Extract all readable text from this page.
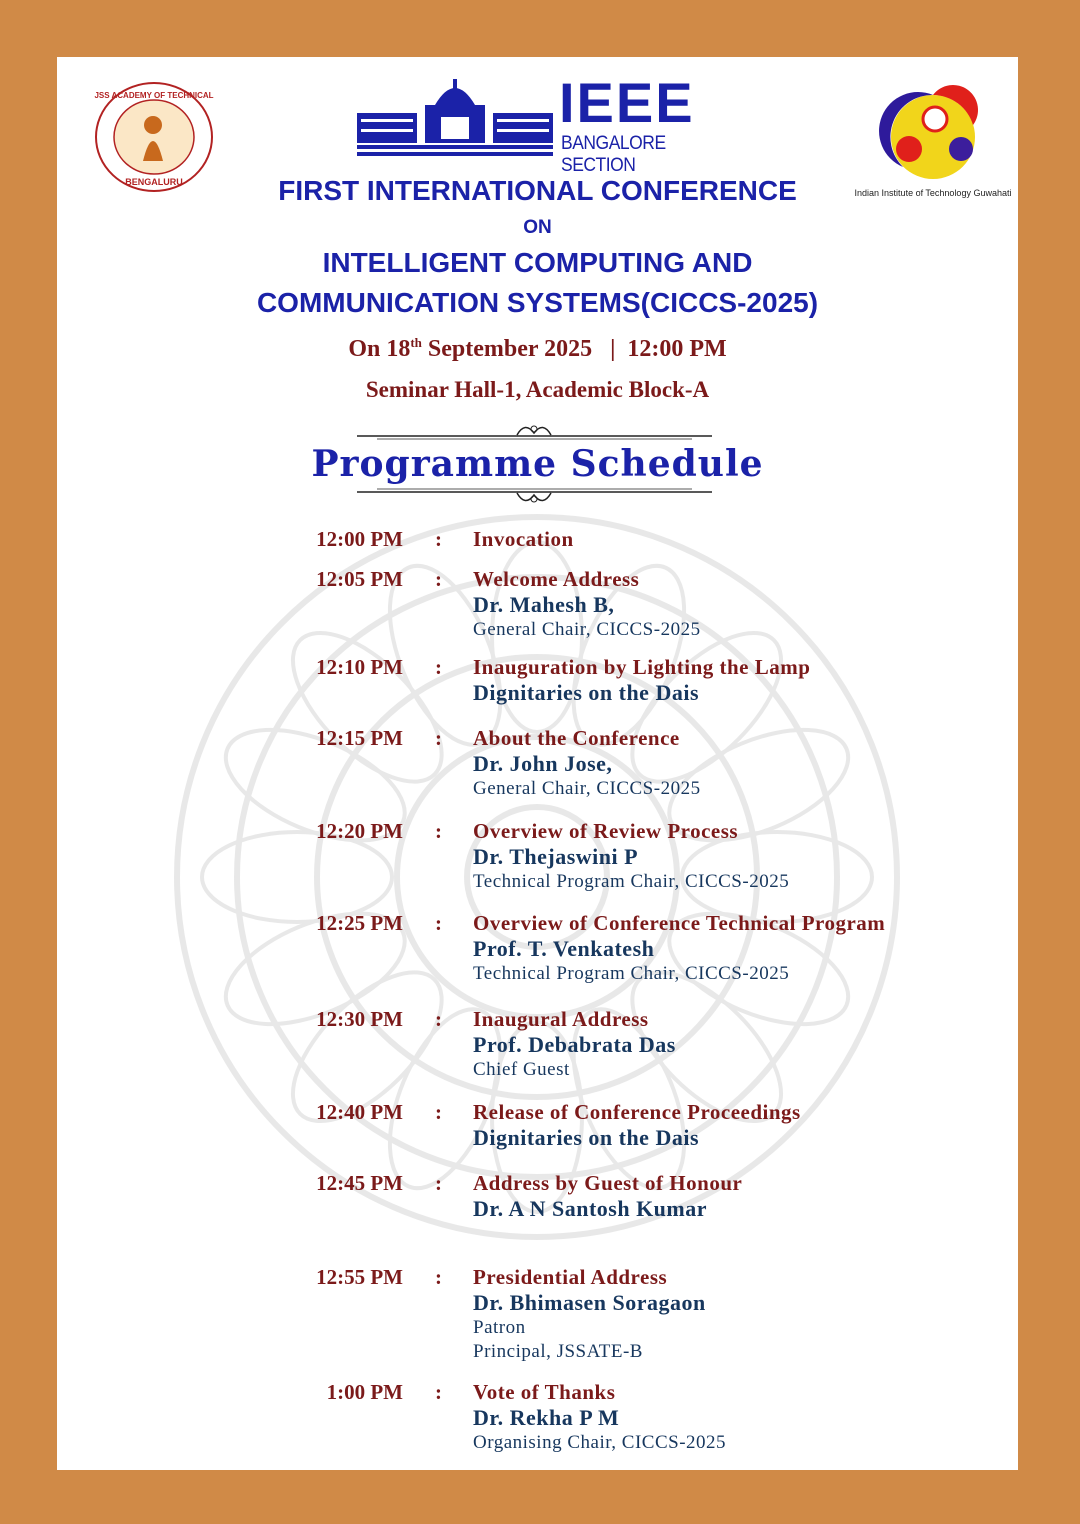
JSS ACADEMY OF TECHNICAL
BENGALURU
IEEE
BANGALORE SECTION
Indian Institute of Technology Guwahati
FIRST INTERNATIONAL CONFERENCE
ON
INTELLIGENT COMPUTING AND
COMMUNICATION SYSTEMS(CICCS-2025)
On 18th September 2025   |  12:00 PM
Seminar Hall-1, Academic Block-A
Programme Schedule
12:00 PM : Invocation
12:05 PM : Welcome Address
Dr. Mahesh B,
General Chair, CICCS-2025
12:10 PM : Inauguration by Lighting the Lamp
Dignitaries on the Dais
12:15 PM : About the Conference
Dr. John Jose,
General Chair, CICCS-2025
12:20 PM : Overview of Review Process
Dr. Thejaswini P
Technical Program Chair, CICCS-2025
12:25 PM : Overview of Conference Technical Program
Prof. T. Venkatesh
Technical Program Chair, CICCS-2025
12:30 PM : Inaugural Address
Prof. Debabrata Das
Chief Guest
12:40 PM : Release of Conference Proceedings
Dignitaries on the Dais
12:45 PM : Address by Guest of Honour
Dr. A N Santosh Kumar
12:55 PM : Presidential Address
Dr. Bhimasen Soragaon
Patron
Principal, JSSATE-B
1:00 PM : Vote of Thanks
Dr. Rekha P M
Organising Chair, CICCS-2025
